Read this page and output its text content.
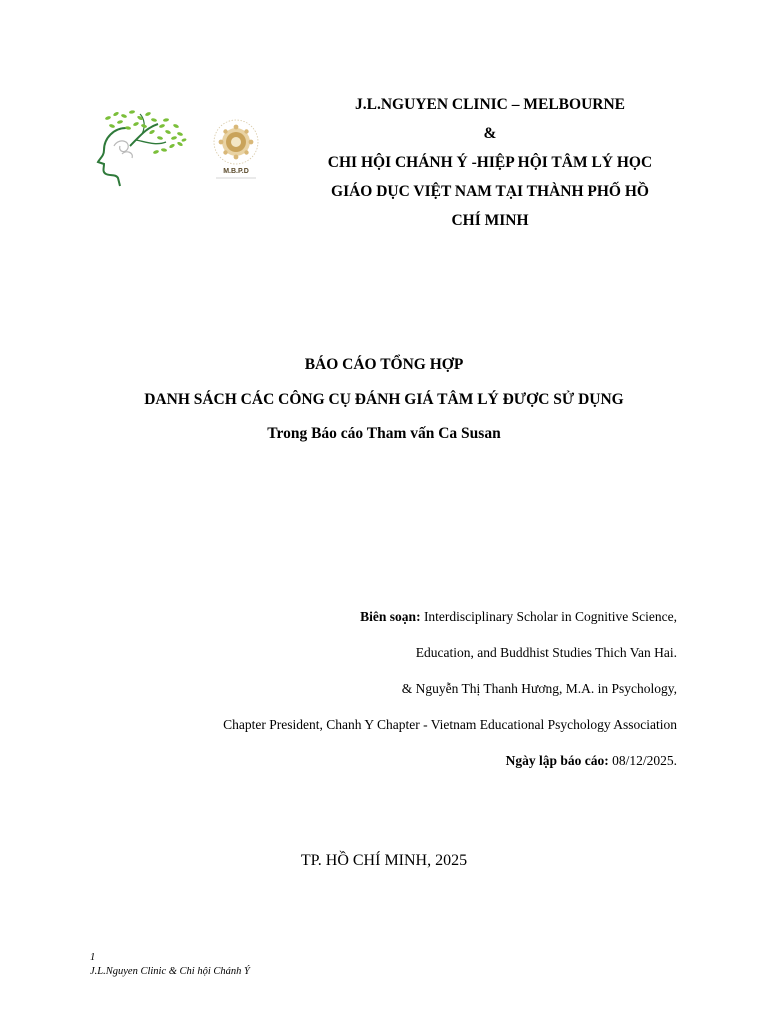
M.B.P.D
J.L.NGUYEN CLINIC – MELBOURNE
&
CHI HỘI CHÁNH Ý -HIỆP HỘI TÂM LÝ HỌC
GIÁO DỤC VIỆT NAM TẠI THÀNH PHỐ HỒ
CHÍ MINH
BÁO CÁO TỔNG HỢP
DANH SÁCH CÁC CÔNG CỤ ĐÁNH GIÁ TÂM LÝ ĐƯỢC SỬ DỤNG
Trong Báo cáo Tham vấn Ca Susan
Biên soạn: Interdisciplinary Scholar in Cognitive Science,
Education, and Buddhist Studies Thich Van Hai.
& Nguyễn Thị Thanh Hương, M.A. in Psychology,
Chapter President, Chanh Y Chapter - Vietnam Educational Psychology Association
Ngày lập báo cáo: 08/12/2025.
TP. HỒ CHÍ MINH, 2025
1
J.L.Nguyen Clinic & Chi hội Chánh Ý
